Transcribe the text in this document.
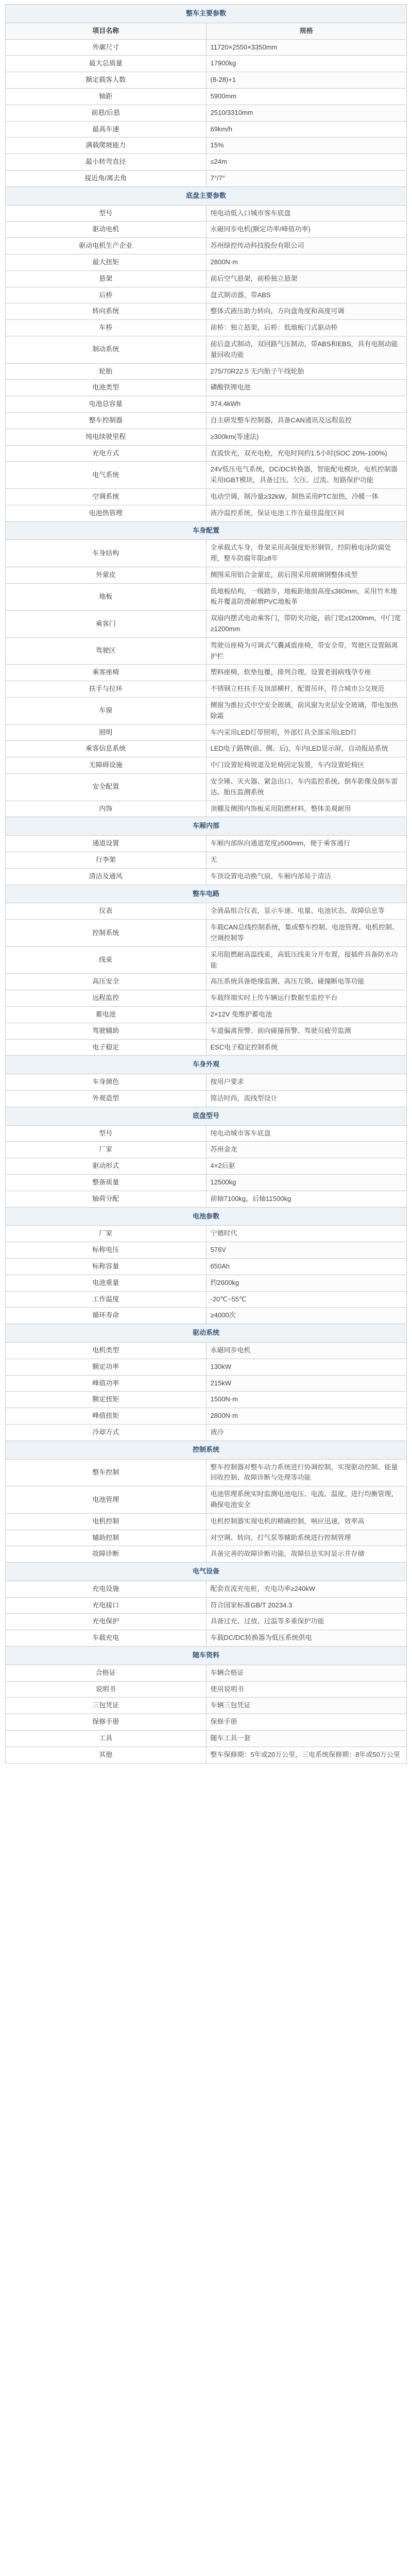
整车主要参数	
项目名称	规格
外廓尺寸	11720×2550×3350mm
最大总质量	17900kg
额定载客人数	(8-28)+1
轴距	5900mm
前悬/后悬	2510/3310mm
最高车速	69km/h
满载爬坡能力	15%
最小转弯直径	≤24m
接近角/离去角	7°/7°
底盘主要参数	
型号	纯电动低入口城市客车底盘
驱动电机	永磁同步电机(额定功率/峰值功率)
驱动电机生产企业	苏州绿控传动科技股份有限公司
最大扭矩	2800N·m
悬架	前后空气悬架，前桥独立悬架
后桥	盘式制动器，带ABS
转向系统	整体式液压助力转向，方向盘角度和高度可调
车桥	前桥：独立悬架，后桥：低地板门式驱动桥
制动系统	前后盘式制动，双回路气压制动，带ABS和EBS，具有电制动能量回收功能
轮胎	275/70R22.5 无内胎子午线轮胎
电池类型	磷酸铁锂电池
电池总容量	374.4kWh
整车控制器	自主研发整车控制器，具备CAN通讯及远程监控
纯电续驶里程	≥300km(等速法)
充电方式	直流快充，双充电枪，充电时间约1.5小时(SOC 20%-100%)
电气系统	24V低压电气系统，DC/DC转换器，智能配电模块，电机控制器采用IGBT模块，具备过压、欠压、过流、短路保护功能
空调系统	电动空调，制冷量≥32kW，制热采用PTC加热，冷暖一体
电池热管理	液冷温控系统，保证电池工作在最佳温度区间
车身配置	
车身结构	全承载式车身，骨架采用高强度矩形钢管，经阴极电泳防腐处理，整车防腐年限≥8年
外蒙皮	侧围采用铝合金蒙皮，前后围采用玻璃钢整体成型
地板	低地板结构，一级踏步，地板距地面高度≤360mm，采用竹木地板并覆盖防滑耐磨PVC地板革
乘客门	双扇内摆式电动乘客门，带防夹功能，前门宽≥1200mm，中门宽≥1200mm
驾驶区	驾驶员座椅为可调式气囊减震座椅，带安全带，驾驶区设置隔离护栏
乘客座椅	塑料座椅，软垫包覆，排列合理，设置老弱病残孕专座
扶手与拉环	不锈钢立柱扶手及顶部横杆，配置吊环，符合城市公交规范
车窗	侧窗为推拉式中空安全玻璃，前风窗为夹层安全玻璃，带电加热除霜
照明	车内采用LED灯带照明，外部灯具全部采用LED灯
乘客信息系统	LED电子路牌(前、侧、后)，车内LED显示屏，自动报站系统
无障碍设施	中门设置轮椅坡道及轮椅固定装置，车内设置轮椅区
安全配置	安全锤、灭火器、紧急出口、车内监控系统、倒车影像及倒车雷达、胎压监测系统
内饰	顶棚及侧围内饰板采用阻燃材料，整体美观耐用
车厢内部	
通道设置	车厢内部纵向通道宽度≥500mm，便于乘客通行
行李架	无
清洁及通风	车顶设置电动换气扇，车厢内部易于清洁
整车电路	
仪表	全液晶组合仪表，显示车速、电量、电池状态、故障信息等
控制系统	车载CAN总线控制系统，集成整车控制、电池管理、电机控制、空调控制等
线束	采用阻燃耐高温线束，高低压线束分开布置，接插件具备防水功能
高压安全	高压系统具备绝缘监测、高压互锁、碰撞断电等功能
远程监控	车载终端实时上传车辆运行数据至监控平台
蓄电池	2×12V 免维护蓄电池
驾驶辅助	车道偏离预警、前向碰撞预警、驾驶员疲劳监测
电子稳定	ESC电子稳定控制系统
车身外观	
车身颜色	按用户要求
外观造型	简洁时尚，流线型设计
底盘型号	
型号	纯电动城市客车底盘
厂家	苏州金龙
驱动形式	4×2后驱
整备质量	12500kg
轴荷分配	前轴7100kg，后轴11500kg
电池参数	
厂家	宁德时代
标称电压	576V
标称容量	650Ah
电池重量	约2600kg
工作温度	-20℃~55℃
循环寿命	≥4000次
驱动系统	
电机类型	永磁同步电机
额定功率	130kW
峰值功率	215kW
额定扭矩	1500N·m
峰值扭矩	2800N·m
冷却方式	液冷
控制系统	
整车控制	整车控制器对整车动力系统进行协调控制，实现驱动控制、能量回收控制、故障诊断与处理等功能
电池管理	电池管理系统实时监测电池电压、电流、温度，进行均衡管理，确保电池安全
电机控制	电机控制器实现电机的精确控制，响应迅速，效率高
辅助控制	对空调、转向、打气泵等辅助系统进行控制管理
故障诊断	具备完善的故障诊断功能，故障信息实时显示并存储
电气设备	
充电设施	配套直流充电桩，充电功率≥240kW
充电接口	符合国家标准GB/T 20234.3
充电保护	具备过充、过放、过温等多重保护功能
车载充电	车载DC/DC转换器为低压系统供电
随车资料	
合格证	车辆合格证
说明书	使用说明书
三包凭证	车辆三包凭证
保修手册	保修手册
工具	随车工具一套
其他	整车保修期：5年或20万公里，三电系统保修期：8年或50万公里
